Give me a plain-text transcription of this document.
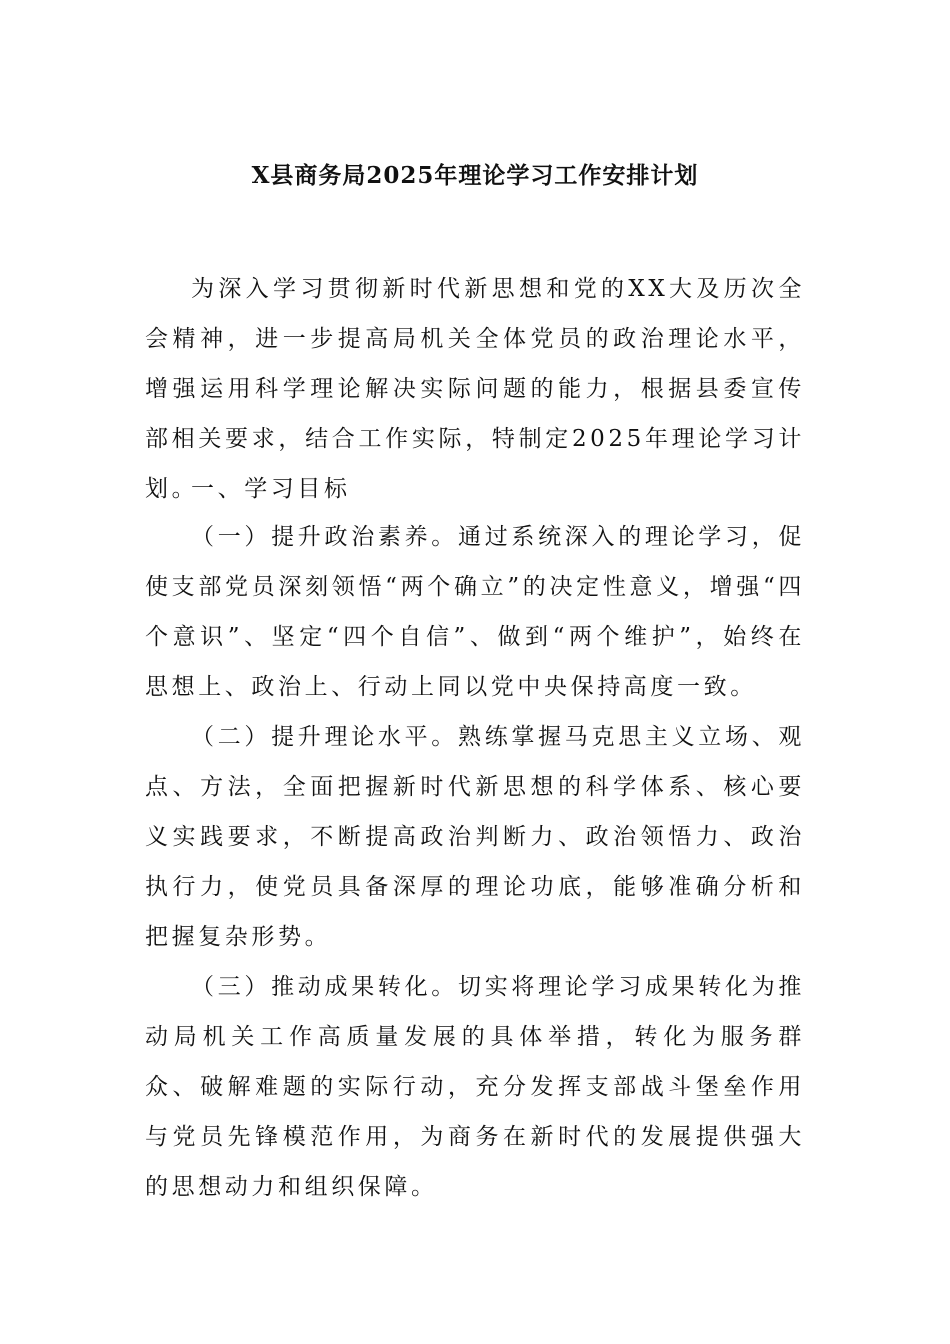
X县商务局2025年理论学习工作安排计划

为深入学习贯彻新时代新思想和党的XX大及历次全会精神，进一步提高局机关全体党员的政治理论水平，增强运用科学理论解决实际问题的能力，根据县委宣传部相关要求，结合工作实际，特制定2025年理论学习计划。

一、学习目标

（一）提升政治素养。通过系统深入的理论学习，促使支部党员深刻领悟“两个确立”的决定性意义，增强“四个意识”、坚定“四个自信”、做到“两个维护”，始终在思想上、政治上、行动上同以党中央保持高度一致。

（二）提升理论水平。熟练掌握马克思主义立场、观点、方法，全面把握新时代新思想的科学体系、核心要义实践要求，不断提高政治判断力、政治领悟力、政治执行力，使党员具备深厚的理论功底，能够准确分析和把握复杂形势。

（三）推动成果转化。切实将理论学习成果转化为推动局机关工作高质量发展的具体举措，转化为服务群众、破解难题的实际行动，充分发挥支部战斗堡垒作用与党员先锋模范作用，为商务在新时代的发展提供强大的思想动力和组织保障。
